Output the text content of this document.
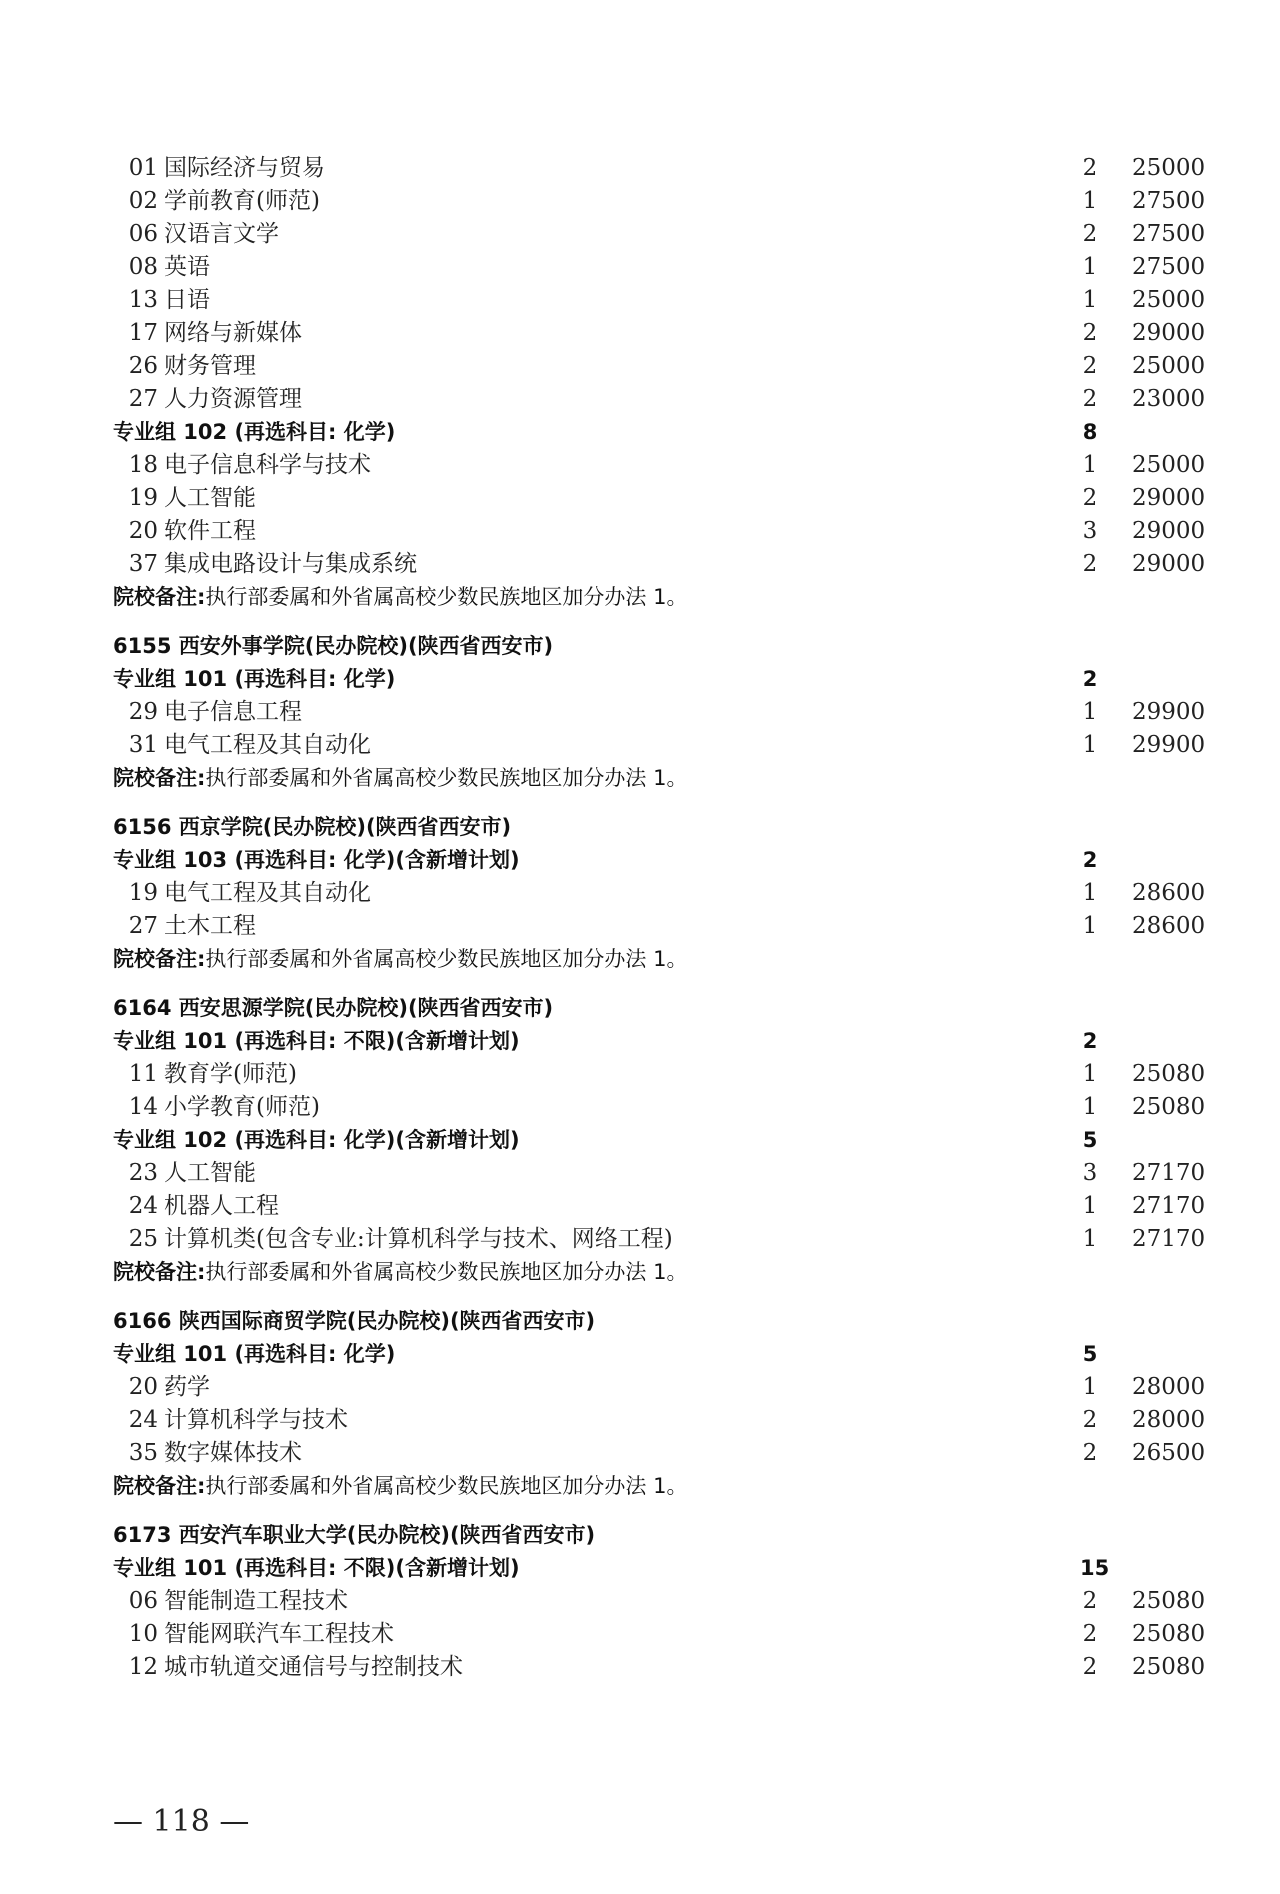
01 国际经济与贸易	2 25000
02 学前教育(师范)	1 27500
06 汉语言文学	2 27500
08 英语	1 27500
13 日语	1 25000
17 网络与新媒体	2 29000
26 财务管理	2 25000
27 人力资源管理	2 23000
专业组 102 (再选科目: 化学)	8
18 电子信息科学与技术	1 25000
19 人工智能	2 29000
20 软件工程	3 29000
37 集成电路设计与集成系统	2 29000
院校备注:执行部委属和外省属高校少数民族地区加分办法 1。
6155 西安外事学院(民办院校)(陕西省西安市)
专业组 101 (再选科目: 化学)	2
29 电子信息工程	1 29900
31 电气工程及其自动化	1 29900
院校备注:执行部委属和外省属高校少数民族地区加分办法 1。
6156 西京学院(民办院校)(陕西省西安市)
专业组 103 (再选科目: 化学)(含新增计划)	2
19 电气工程及其自动化	1 28600
27 土木工程	1 28600
院校备注:执行部委属和外省属高校少数民族地区加分办法 1。
6164 西安思源学院(民办院校)(陕西省西安市)
专业组 101 (再选科目: 不限)(含新增计划)	2
11 教育学(师范)	1 25080
14 小学教育(师范)	1 25080
专业组 102 (再选科目: 化学)(含新增计划)	5
23 人工智能	3 27170
24 机器人工程	1 27170
25 计算机类(包含专业:计算机科学与技术、网络工程)	1 27170
院校备注:执行部委属和外省属高校少数民族地区加分办法 1。
6166 陕西国际商贸学院(民办院校)(陕西省西安市)
专业组 101 (再选科目: 化学)	5
20 药学	1 28000
24 计算机科学与技术	2 28000
35 数字媒体技术	2 26500
院校备注:执行部委属和外省属高校少数民族地区加分办法 1。
6173 西安汽车职业大学(民办院校)(陕西省西安市)
专业组 101 (再选科目: 不限)(含新增计划)	15
06 智能制造工程技术	2 25080
10 智能网联汽车工程技术	2 25080
12 城市轨道交通信号与控制技术	2 25080
— 118 —
